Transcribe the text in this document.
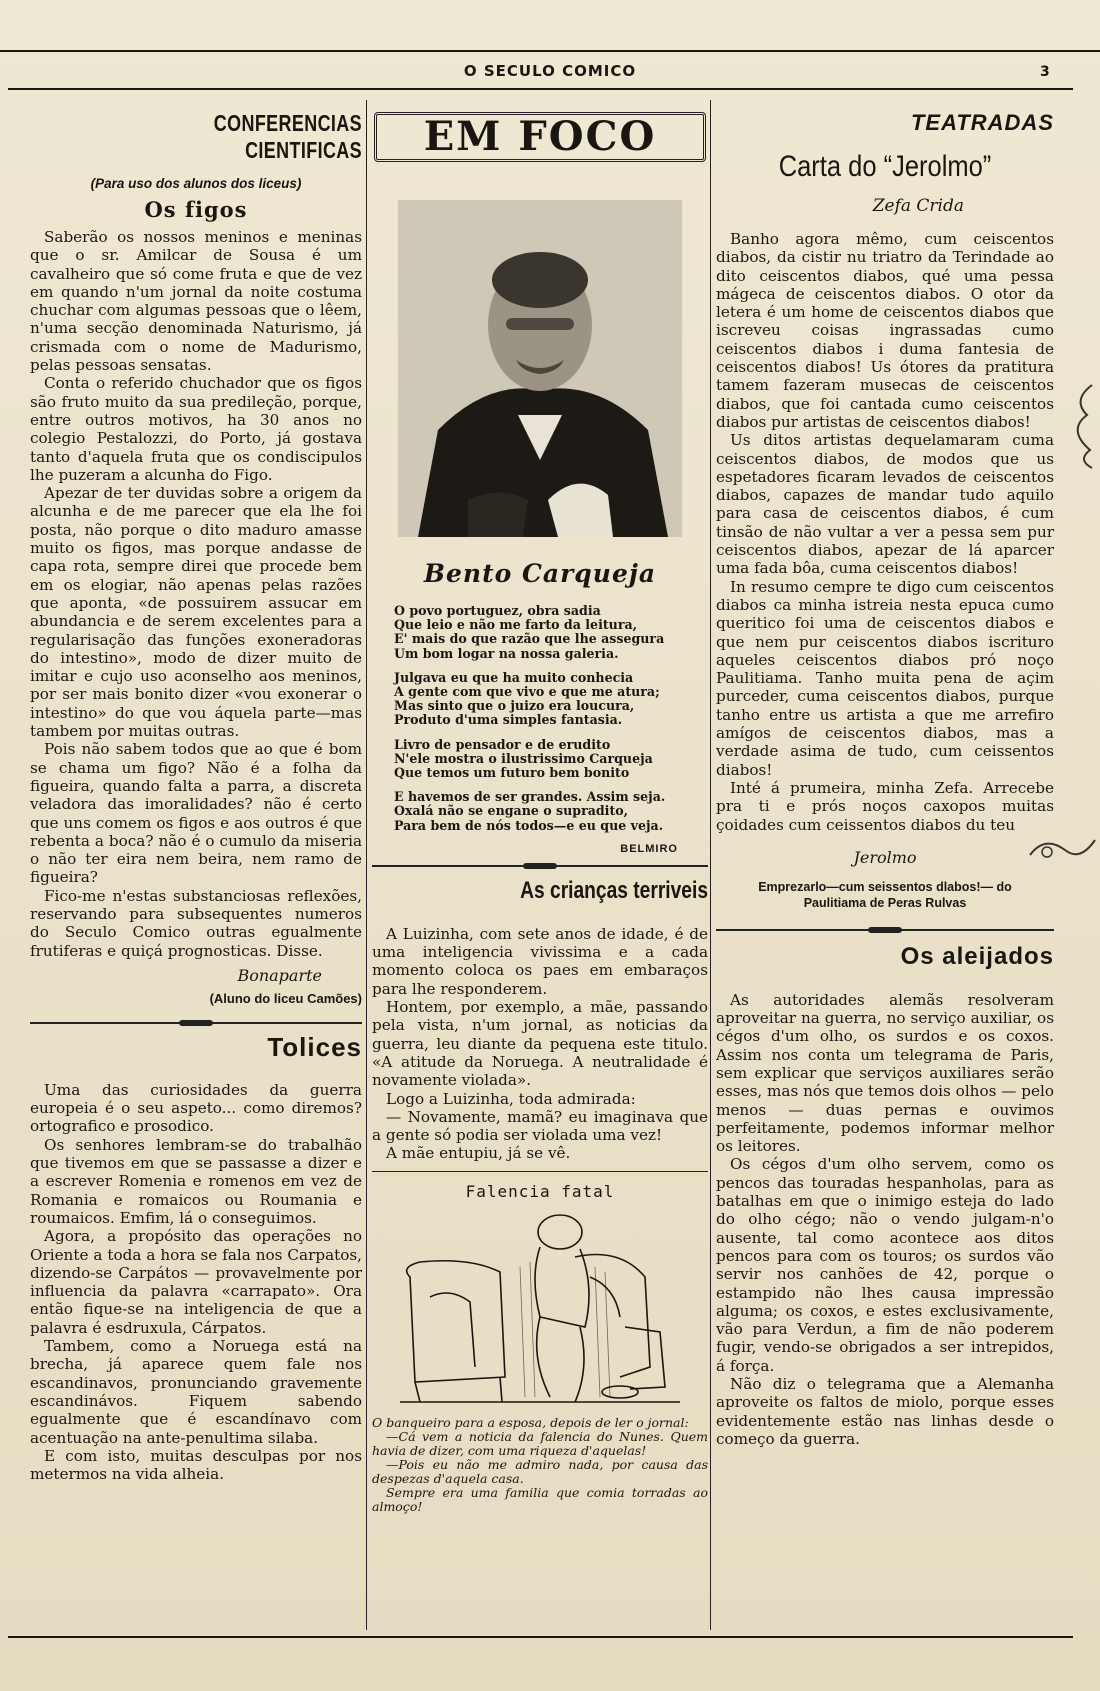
O SECULO COMICO	3
CONFERENCIAS CIENTIFICAS
(Para uso dos alunos dos liceus)
Os figos

Saberão os nossos meninos e meninas que o sr. Amilcar de Sousa é um cavalheiro que só come fruta e que de vez em quando n'um jornal da noite costuma chuchar com algumas pessoas que o lêem, n'uma secção denominada Naturismo, já crismada com o nome de Madurismo, pelas pessoas sensatas.

Conta o referido chuchador que os figos são fruto muito da sua predileção, porque, entre outros motivos, ha 30 anos no colegio Pestalozzi, do Porto, já gostava tanto d'aquela fruta que os condiscipulos lhe puzeram a alcunha do Figo.

Apezar de ter duvidas sobre a origem da alcunha e de me parecer que ela lhe foi posta, não porque o dito maduro amasse muito os figos, mas porque andasse de capa rota, sempre direi que procede bem em os elogiar, não apenas pelas razões que aponta, «de possuirem assucar em abundancia e de serem excelentes para a regularisação das funções exoneradoras do intestino», modo de dizer muito de imitar e cujo uso aconselho aos meninos, por ser mais bonito dizer «vou exonerar o intestino» do que vou áquela parte—mas tambem por muitas outras.

Pois não sabem todos que ao que é bom se chama um figo? Não é a folha da figueira, quando falta a parra, a discreta veladora das imoralidades? não é certo que uns comem os figos e aos outros é que rebenta a boca? não é o cumulo da miseria o não ter eira nem beira, nem ramo de figueira?

Fico-me n'estas substanciosas reflexões, reservando para subsequentes numeros do Seculo Comico outras egualmente frutiferas e quiçá prognosticas. Disse.

Bonaparte
(Aluno do liceu Camões)
Tolices

Uma das curiosidades da guerra europeia é o seu aspeto... como diremos? ortografico e prosodico.

Os senhores lembram-se do trabalhão que tivemos em que se passasse a dizer e a escrever Romenia e romenos em vez de Romania e romaicos ou Roumania e roumaicos. Emfim, lá o conseguimos.

Agora, a propósito das operações no Oriente a toda a hora se fala nos Carpatos, dizendo-se Carpátos — provavelmente por influencia da palavra «carrapato». Ora então fique-se na inteligencia de que a palavra é esdruxula, Cárpatos.

Tambem, como a Noruega está na brecha, já aparece quem fale nos escandinavos, pronunciando gravemente escandinávos. Fiquem sabendo egualmente que é escandínavo com acentuação na ante-penultima silaba.

E com isto, muitas desculpas por nos metermos na vida alheia.

EM FOCO
Bento Carqueja
O povo portuguez, obra sadia
Que leio e não me farto da leitura,
E' mais do que razão que lhe assegura
Um bom logar na nossa galeria.
Julgava eu que ha muito conhecia
A gente com que vivo e que me atura;
Mas sinto que o juizo era loucura,
Produto d'uma simples fantasia.
Livro de pensador e de erudito
N'ele mostra o ilustrissimo Carqueja
Que temos um futuro bem bonito
E havemos de ser grandes. Assim seja.
Oxalá não se engane o supradito,
Para bem de nós todos—e eu que veja.
BELMIRO
As crianças terriveis

A Luizinha, com sete anos de idade, é de uma inteligencia vivissima e a cada momento coloca os paes em embaraços para lhe responderem.

Hontem, por exemplo, a mãe, passando pela vista, n'um jornal, as noticias da guerra, leu diante da pequena este titulo. «A atitude da Noruega. A neutralidade é novamente violada».

Logo a Luizinha, toda admirada:

— Novamente, mamã? eu imaginava que a gente só podia ser violada uma vez!

A mãe entupiu, já se vê.

Falencia fatal
O banqueiro para a esposa, depois de ler o jornal:
—Cá vem a noticia da falencia do Nunes. Quem havia de dizer, com uma riqueza d'aquelas!
—Pois eu não me admiro nada, por causa das despezas d'aquela casa.
Sempre era uma familia que comia torradas ao almoço!
TEATRADAS
Carta do “Jerolmo”
Zefa Crida

Banho agora mêmo, cum ceiscentos diabos, da cistir nu triatro da Terindade ao dito ceiscentos diabos, qué uma pessa mágeca de ceiscentos diabos. O otor da letera é um home de ceiscentos diabos que iscreveu coisas ingrassadas cumo ceiscentos diabos i duma fantesia de ceiscentos diabos! Us ótores da pratitura tamem fazeram musecas de ceiscentos diabos, que foi cantada cumo ceiscentos diabos pur artistas de ceiscentos diabos!

Us ditos artistas dequelamaram cuma ceiscentos diabos, de modos que us espetadores ficaram levados de ceiscentos diabos, capazes de mandar tudo aquilo para casa de ceiscentos diabos, é cum tinsão de não vultar a ver a pessa sem pur ceiscentos diabos, apezar de lá aparcer uma fada bôa, cuma ceiscentos diabos!

In resumo cempre te digo cum ceiscentos diabos ca minha istreia nesta epuca cumo queritico foi uma de ceiscentos diabos e que nem pur ceiscentos diabos iscrituro aqueles ceiscentos diabos pró noço Paulitiama. Tanho muita pena de açim purceder, cuma ceiscentos diabos, purque tanho entre us artista a que me arrefiro amígos de ceiscentos diabos, mas a verdade asima de tudo, cum ceissentos diabos!

Inté á prumeira, minha Zefa. Arrecebe pra ti e prós noços caxopos muitas çoidades cum ceissentos diabos du teu

Jerolmo
Emprezarlo—cum seissentos dlabos!— do Paulitiama de Peras Rulvas
Os aleijados

As autoridades alemãs resolveram aproveitar na guerra, no serviço auxiliar, os cégos d'um olho, os surdos e os coxos. Assim nos conta um telegrama de Paris, sem explicar que serviços auxiliares serão esses, mas nós que temos dois olhos — pelo menos — duas pernas e ouvimos perfeitamente, podemos informar melhor os leitores.

Os cégos d'um olho servem, como os pencos das touradas hespanholas, para as batalhas em que o inimigo esteja do lado do olho cégo; não o vendo julgam-n'o ausente, tal como acontece aos ditos pencos para com os touros; os surdos vão servir nos canhões de 42, porque o estampido não lhes causa impressão alguma; os coxos, e estes exclusivamente, vão para Verdun, a fim de não poderem fugir, vendo-se obrigados a ser intrepidos, á força.

Não diz o telegrama que a Alemanha aproveite os faltos de miolo, porque esses evidentemente estão nas linhas desde o começo da guerra.
